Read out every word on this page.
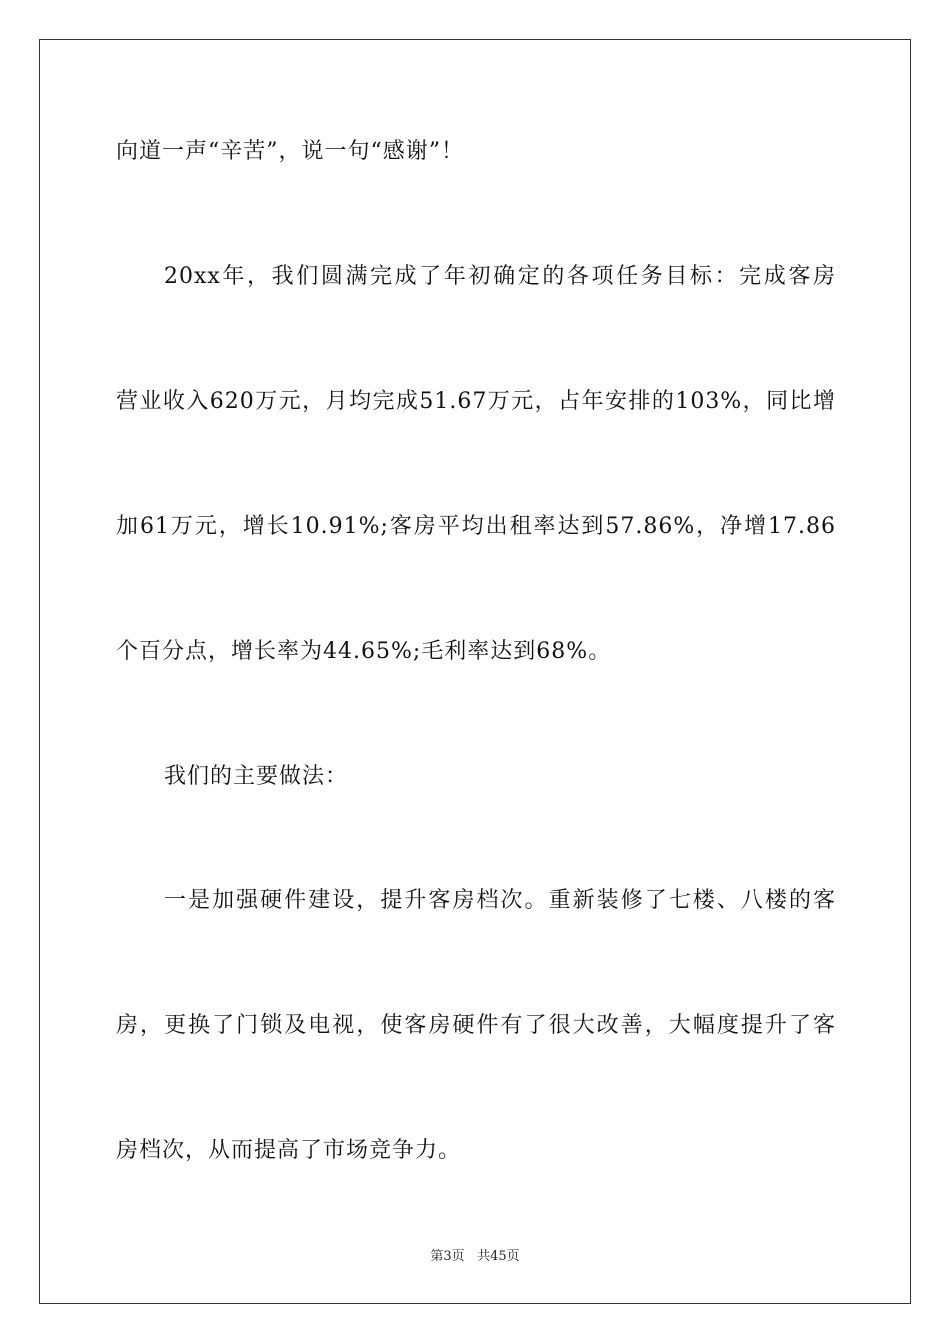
向道一声“辛苦”，说一句“感谢”！
20xx年，我们圆满完成了年初确定的各项任务目标：完成客房
营业收入620万元，月均完成51.67万元，占年安排的103%，同比增
加61万元，增长10.91%;客房平均出租率达到57.86%，净增17.86
个百分点，增长率为44.65%;毛利率达到68%。
我们的主要做法：
一是加强硬件建设，提升客房档次。重新装修了七楼、八楼的客
房，更换了门锁及电视，使客房硬件有了很大改善，大幅度提升了客
房档次，从而提高了市场竞争力。
第3页 共45页
